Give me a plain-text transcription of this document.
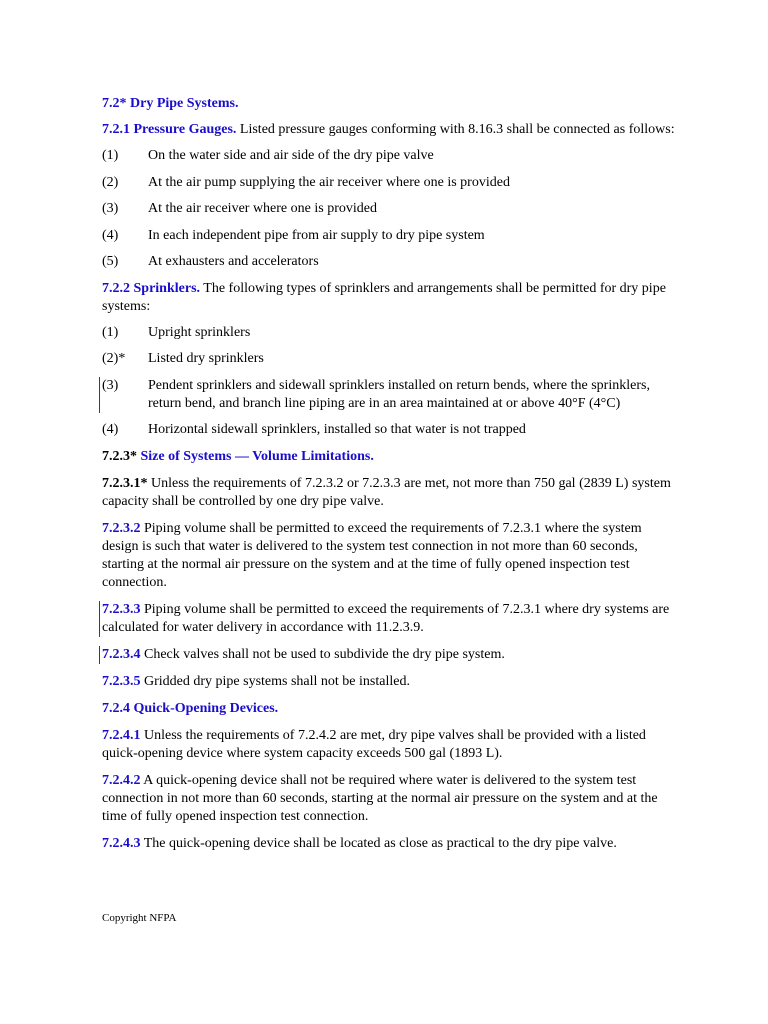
7.2* Dry Pipe Systems.

7.2.1 Pressure Gauges. Listed pressure gauges conforming with 8.16.3 shall be connected as follows:

(1)	On the water side and air side of the dry pipe valve

(2)	At the air pump supplying the air receiver where one is provided

(3)	At the air receiver where one is provided

(4)	In each independent pipe from air supply to dry pipe system

(5)	At exhausters and accelerators

7.2.2 Sprinklers. The following types of sprinklers and arrangements shall be permitted for dry pipe systems:

(1)	Upright sprinklers

(2)*	Listed dry sprinklers

(3)	Pendent sprinklers and sidewall sprinklers installed on return bends, where the sprinklers, return bend, and branch line piping are in an area maintained at or above 40°F (4°C)

(4)	Horizontal sidewall sprinklers, installed so that water is not trapped

7.2.3* Size of Systems — Volume Limitations.

7.2.3.1* Unless the requirements of 7.2.3.2 or 7.2.3.3 are met, not more than 750 gal (2839 L) system capacity shall be controlled by one dry pipe valve.

7.2.3.2 Piping volume shall be permitted to exceed the requirements of 7.2.3.1 where the system design is such that water is delivered to the system test connection in not more than 60 seconds, starting at the normal air pressure on the system and at the time of fully opened inspection test connection.

7.2.3.3 Piping volume shall be permitted to exceed the requirements of 7.2.3.1 where dry systems are calculated for water delivery in accordance with 11.2.3.9.

7.2.3.4 Check valves shall not be used to subdivide the dry pipe system.

7.2.3.5 Gridded dry pipe systems shall not be installed.

7.2.4 Quick-Opening Devices.

7.2.4.1 Unless the requirements of 7.2.4.2 are met, dry pipe valves shall be provided with a listed quick-opening device where system capacity exceeds 500 gal (1893 L).

7.2.4.2 A quick-opening device shall not be required where water is delivered to the system test connection in not more than 60 seconds, starting at the normal air pressure on the system and at the time of fully opened inspection test connection.

7.2.4.3 The quick-opening device shall be located as close as practical to the dry pipe valve.

Copyright NFPA
